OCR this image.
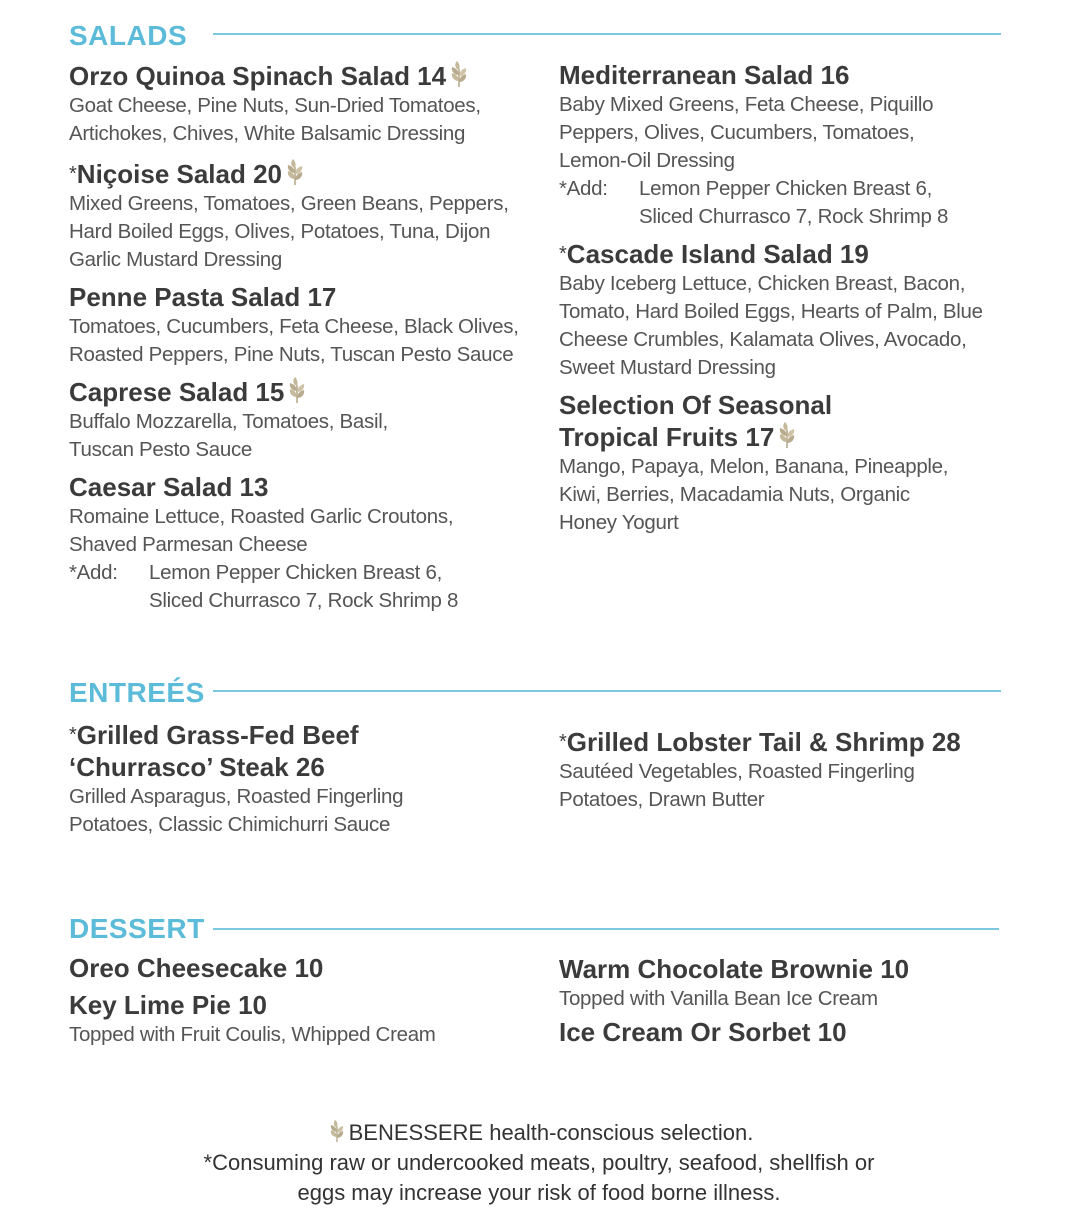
SALADS
Orzo Quinoa Spinach Salad 14
Goat Cheese, Pine Nuts, Sun-Dried Tomatoes,
Artichokes, Chives, White Balsamic Dressing
*Niçoise Salad 20
Mixed Greens, Tomatoes, Green Beans, Peppers,
Hard Boiled Eggs, Olives, Potatoes, Tuna, Dijon
Garlic Mustard Dressing
Penne Pasta Salad 17
Tomatoes, Cucumbers, Feta Cheese, Black Olives,
Roasted Peppers, Pine Nuts, Tuscan Pesto Sauce
Caprese Salad 15
Buffalo Mozzarella, Tomatoes, Basil,
Tuscan Pesto Sauce
Caesar Salad 13
Romaine Lettuce, Roasted Garlic Croutons,
Shaved Parmesan Cheese
*Add:	Lemon Pepper Chicken Breast 6,
Sliced Churrasco 7, Rock Shrimp 8
Mediterranean Salad 16
Baby Mixed Greens, Feta Cheese, Piquillo
Peppers, Olives, Cucumbers, Tomatoes,
Lemon-Oil Dressing
*Add:	Lemon Pepper Chicken Breast 6,
Sliced Churrasco 7, Rock Shrimp 8
*Cascade Island Salad 19
Baby Iceberg Lettuce, Chicken Breast, Bacon,
Tomato, Hard Boiled Eggs, Hearts of Palm, Blue
Cheese Crumbles, Kalamata Olives, Avocado,
Sweet Mustard Dressing
Selection Of Seasonal
Tropical Fruits 17
Mango, Papaya, Melon, Banana, Pineapple,
Kiwi, Berries, Macadamia Nuts, Organic
Honey Yogurt
ENTREÉS
*Grilled Grass-Fed Beef
‘Churrasco’ Steak 26
Grilled Asparagus, Roasted Fingerling
Potatoes, Classic Chimichurri Sauce
*Grilled Lobster Tail & Shrimp 28
Sautéed Vegetables, Roasted Fingerling
Potatoes, Drawn Butter
DESSERT
Oreo Cheesecake 10
Key Lime Pie 10
Topped with Fruit Coulis, Whipped Cream
Warm Chocolate Brownie 10
Topped with Vanilla Bean Ice Cream
Ice Cream Or Sorbet 10
BENESSERE health-conscious selection.
*Consuming raw or undercooked meats, poultry, seafood, shellfish or
eggs may increase your risk of food borne illness.
